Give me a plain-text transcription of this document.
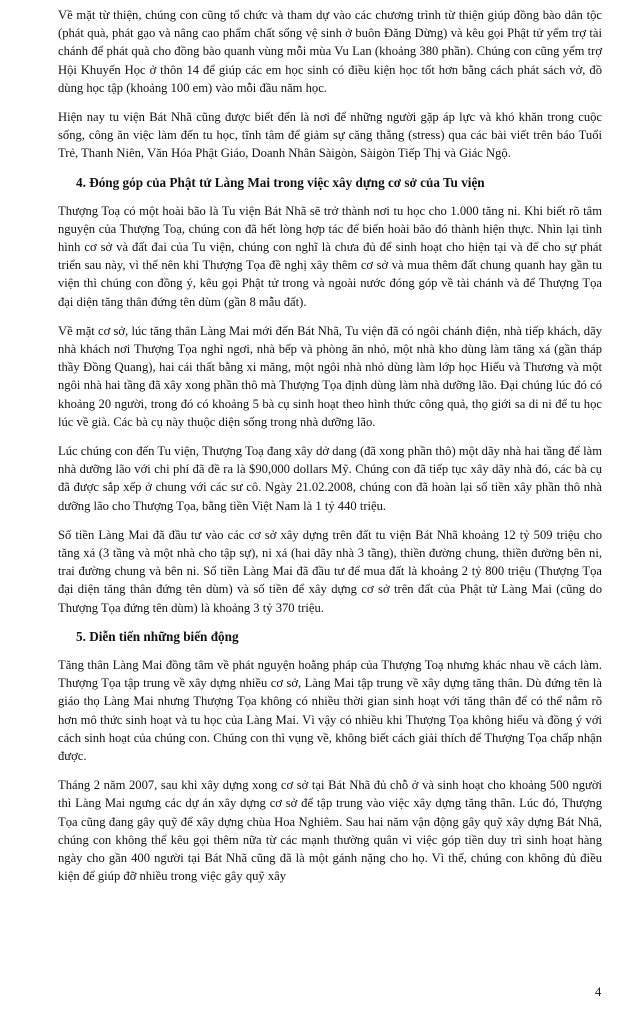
Về mặt từ thiện, chúng con cũng tổ chức và tham dự vào các chương trình từ thiện giúp đồng bào dân tộc (phát quà, phát gạo và nâng cao phẩm chất sống vệ sinh ở buôn Đăng Dừng) và kêu gọi Phật tử yểm trợ tài chánh để phát quà cho đồng bào quanh vùng mỗi mùa Vu Lan (khoảng 380 phần). Chúng con cũng yểm trợ Hội Khuyến Học ở thôn 14 để giúp các em học sinh có điều kiện học tốt hơn bằng cách phát sách vở, đồ dùng học tập (khoảng 100 em) vào mỗi đầu năm học.

Hiện nay tu viện Bát Nhã cũng được biết đến là nơi để những người gặp áp lực và khó khăn trong cuộc sống, công ăn việc làm đến tu học, tĩnh tâm để giảm sự căng thẳng (stress) qua các bài viết trên báo Tuổi Trẻ, Thanh Niên, Văn Hóa Phật Giáo, Doanh Nhân Sàigòn, Sàigòn Tiếp Thị và Giác Ngộ.

4. Đóng góp của Phật tử Làng Mai trong việc xây dựng cơ sở của Tu viện

Thượng Toạ có một hoài bão là Tu viện Bát Nhã sẽ trở thành nơi tu học cho 1.000 tăng ni. Khi biết rõ tâm nguyện của Thượng Toạ, chúng con đã hết lòng hợp tác để biến hoài bão đó thành hiện thực. Nhìn lại tình hình cơ sở và đất đai của Tu viện, chúng con nghĩ là chưa đủ để sinh hoạt cho hiện tại và để cho sự phát triển sau này, vì thế nên khi Thượng Tọa đề nghị xây thêm cơ sở và mua thêm đất chung quanh hay gần tu viện thì chúng con đồng ý, kêu gọi Phật tử trong và ngoài nước đóng góp về tài chánh và để Thượng Tọa đại diện tăng thân đứng tên dùm (gần 8 mẫu đất).

Về mặt cơ sở, lúc tăng thân Làng Mai mới đến Bát Nhã, Tu viện đã có ngôi chánh điện, nhà tiếp khách, dãy nhà khách nơi Thượng Tọa nghỉ ngơi, nhà bếp và phòng ăn nhỏ, một nhà kho dùng làm tăng xá (gần tháp thầy Đồng Quang), hai cái thất bằng xi măng, một ngôi nhà nhỏ dùng làm lớp học Hiếu và Thương và một ngôi nhà hai tầng đã xây xong phần thô mà Thượng Tọa định dùng làm nhà dưỡng lão. Đại chúng lúc đó có khoảng 20 người, trong đó có khoảng 5 bà cụ sinh hoạt theo hình thức công quả, thọ giới sa di ni để tu học lúc về già. Các bà cụ này thuộc diện sống trong nhà dưỡng lão.

Lúc chúng con đến Tu viện, Thượng Toạ đang xây dở dang (đã xong phần thô) một dãy nhà hai tầng để làm nhà dưỡng lão với chi phí đã đề ra là $90,000 dollars Mỹ. Chúng con đã tiếp tục xây dãy nhà đó, các bà cụ đã được sắp xếp ở chung với các sư cô. Ngày 21.02.2008, chúng con đã hoàn lại số tiền xây phần thô nhà dưỡng lão cho Thượng Tọa, bằng tiền Việt Nam là 1 tỷ 440 triệu.

Số tiền Làng Mai đã đầu tư vào các cơ sở xây dựng trên đất tu viện Bát Nhã khoảng 12 tỷ 509 triệu cho tăng xá (3 tầng và một nhà cho tập sự), ni xá (hai dãy nhà 3 tầng), thiền đường chung, thiền đường bên ni, trai đường chung và bên ni. Số tiền Làng Mai đã đầu tư để mua đất là khoảng 2 tỷ 800 triệu (Thượng Tọa đại diện tăng thân đứng tên dùm) và số tiền để xây dựng cơ sở trên đất của Phật tử Làng Mai (cũng do Thượng Tọa đứng tên dùm) là khoảng 3 tỷ 370 triệu.

5. Diễn tiến những biến động

Tăng thân Làng Mai đồng tâm về phát nguyện hoằng pháp của Thượng Toạ nhưng khác nhau về cách làm. Thượng Tọa tập trung về xây dựng nhiều cơ sở, Làng Mai tập trung về xây dựng tăng thân. Dù đứng tên là giáo thọ Làng Mai nhưng Thượng Tọa không có nhiều thời gian sinh hoạt với tăng thân để có thể nắm rõ hơn mô thức sinh hoạt và tu học của Làng Mai. Vì vậy có nhiều khi Thượng Tọa không hiểu và đồng ý với cách sinh hoạt của chúng con. Chúng con thì vụng về, không biết cách giải thích để Thượng Tọa chấp nhận được.

Tháng 2 năm 2007, sau khi xây dựng xong cơ sở tại Bát Nhã đủ chỗ ở và sinh hoạt cho khoảng 500 người thì Làng Mai ngưng các dự án xây dựng cơ sở để tập trung vào việc xây dựng tăng thân. Lúc đó, Thượng Tọa cũng đang gây quỹ để xây dựng chùa Hoa Nghiêm. Sau hai năm vận động gây quỹ xây dựng Bát Nhã, chúng con không thể kêu gọi thêm nữa từ các mạnh thường quân vì việc góp tiền duy trì sinh hoạt hàng ngày cho gần 400 người tại Bát Nhã cũng đã là một gánh nặng cho họ. Vì thế, chúng con không đủ điều kiện để giúp đỡ nhiều trong việc gây quỹ xây

4
